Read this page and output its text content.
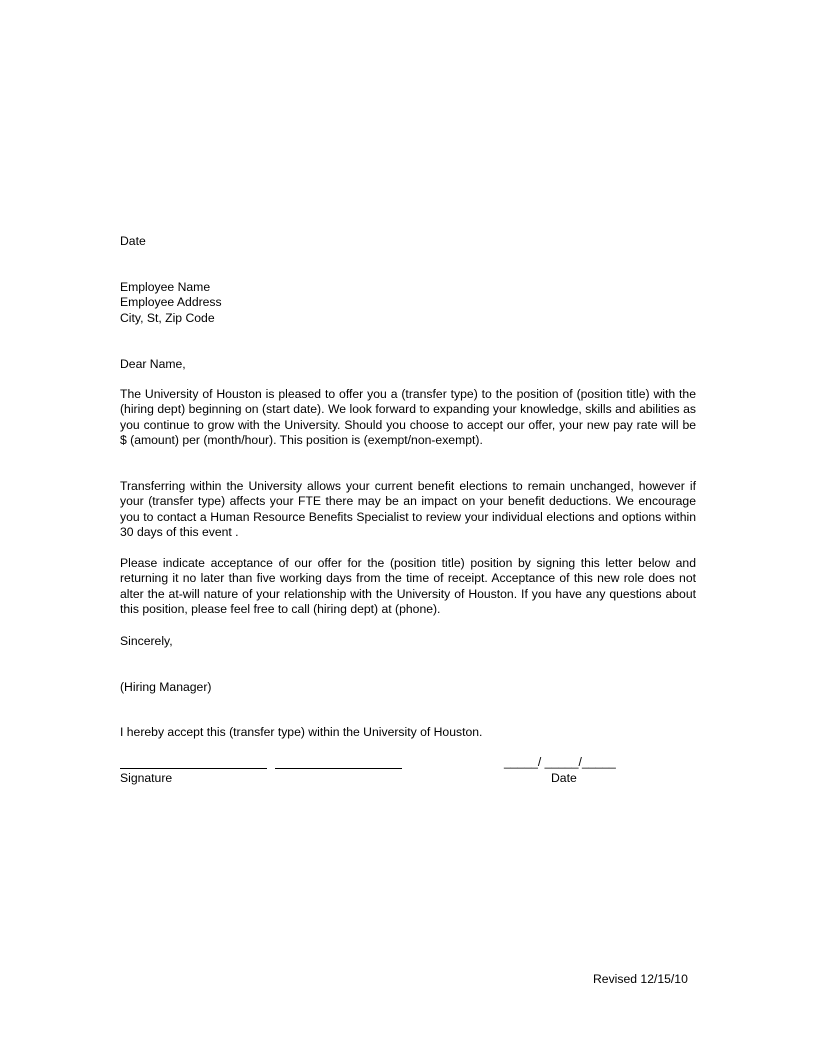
Date
Employee Name
Employee Address
City, St, Zip Code
Dear Name,
The University of Houston is pleased to offer you a (transfer type) to the position of (position title) with the (hiring dept) beginning on (start date). We look forward to expanding your knowledge, skills and abilities as you continue to grow with the University. Should you choose to accept our offer, your new pay rate will be $ (amount) per (month/hour). This position is (exempt/non-exempt).
Transferring within the University allows your current benefit elections to remain unchanged, however if your (transfer type) affects your FTE there may be an impact on your benefit deductions. We encourage you to contact a Human Resource Benefits Specialist to review your individual elections and options within 30 days of this event .
Please indicate acceptance of our offer for the (position title) position by signing this letter below and returning it no later than five working days from the time of receipt. Acceptance of this new role does not alter the at-will nature of your relationship with the University of Houston. If you have any questions about this position, please feel free to call (hiring dept) at (phone).
Sincerely,
(Hiring Manager)
I hereby accept this (transfer type) within the University of Houston.
_____/ _____/_____
Signature	Date
Revised 12/15/10
